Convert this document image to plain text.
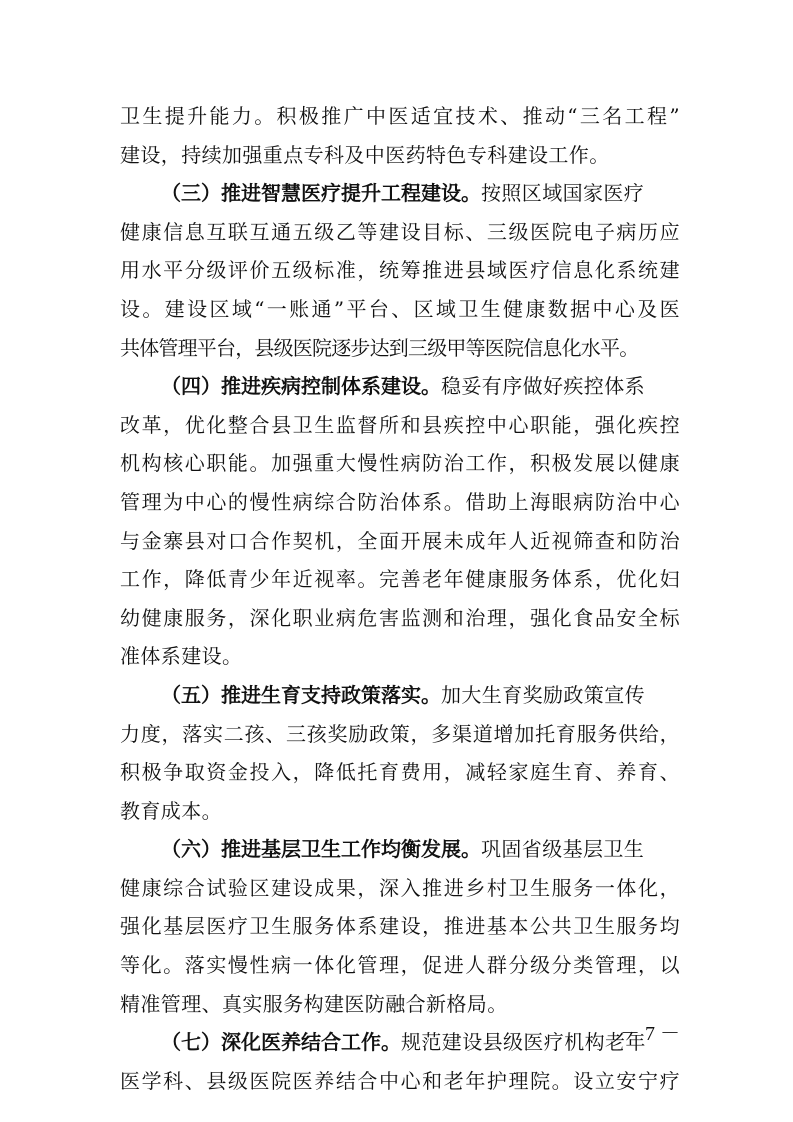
卫生提升能力。积极推广中医适宜技术、推动“三名工程”
建设，持续加强重点专科及中医药特色专科建设工作。
（三）推进智慧医疗提升工程建设。按照区域国家医疗
健康信息互联互通五级乙等建设目标、三级医院电子病历应
用水平分级评价五级标准，统筹推进县域医疗信息化系统建
设。建设区域“一账通”平台、区域卫生健康数据中心及医
共体管理平台，县级医院逐步达到三级甲等医院信息化水平。
（四）推进疾病控制体系建设。稳妥有序做好疾控体系
改革，优化整合县卫生监督所和县疾控中心职能，强化疾控
机构核心职能。加强重大慢性病防治工作，积极发展以健康
管理为中心的慢性病综合防治体系。借助上海眼病防治中心
与金寨县对口合作契机，全面开展未成年人近视筛查和防治
工作，降低青少年近视率。完善老年健康服务体系，优化妇
幼健康服务，深化职业病危害监测和治理，强化食品安全标
准体系建设。
（五）推进生育支持政策落实。加大生育奖励政策宣传
力度，落实二孩、三孩奖励政策，多渠道增加托育服务供给，
积极争取资金投入，降低托育费用，减轻家庭生育、养育、
教育成本。
（六）推进基层卫生工作均衡发展。巩固省级基层卫生
健康综合试验区建设成果，深入推进乡村卫生服务一体化，
强化基层医疗卫生服务体系建设，推进基本公共卫生服务均
等化。落实慢性病一体化管理，促进人群分级分类管理，以
精准管理、真实服务构建医防融合新格局。
（七）深化医养结合工作。规范建设县级医疗机构老年
医学科、县级医院医养结合中心和老年护理院。设立安宁疗
－ 7 －
